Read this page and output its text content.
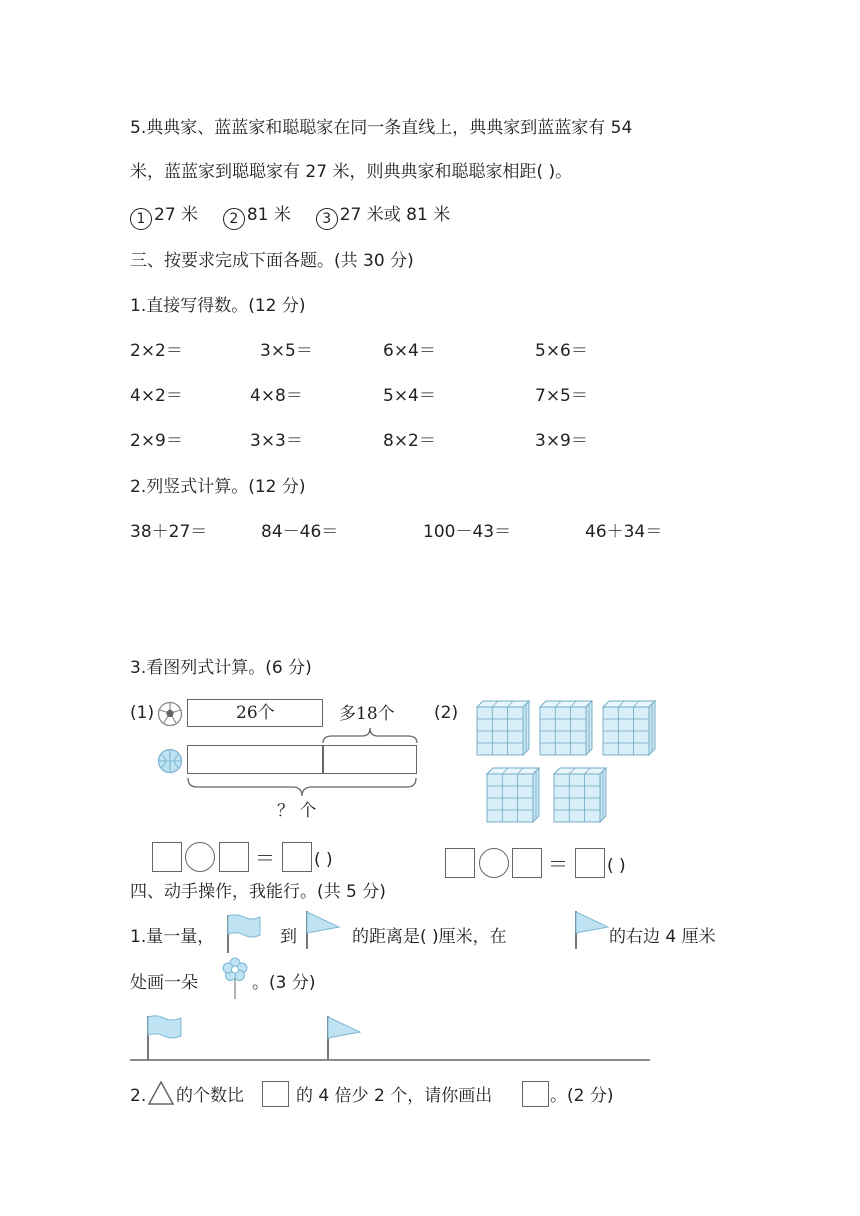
5.典典家、蓝蓝家和聪聪家在同一条直线上，典典家到蓝蓝家有 54
米，蓝蓝家到聪聪家有 27 米，则典典家和聪聪家相距( )。
1 27 米 2 81 米 3 27 米或 81 米
三、按要求完成下面各题。(共 30 分)
1.直接写得数。(12 分)
2×2＝	3×5＝	6×4＝	5×6＝
4×2＝	4×8＝	5×4＝	7×5＝
2×9＝	3×3＝	8×2＝	3×9＝
2.列竖式计算。(12 分)
38＋27＝	84－46＝	100－43＝	46＋34＝
3.看图列式计算。(6 分)
(1)	26个	多18个
？ 个
＝ ( )
(2)
＝ ( )
四、动手操作，我能行。(共 5 分)
1.量一量，	到	的距离是( )厘米，在	的右边 4 厘米
处画一朵	。(3 分)
2. 的个数比	的 4 倍少 2 个，请你画出	。(2 分)
